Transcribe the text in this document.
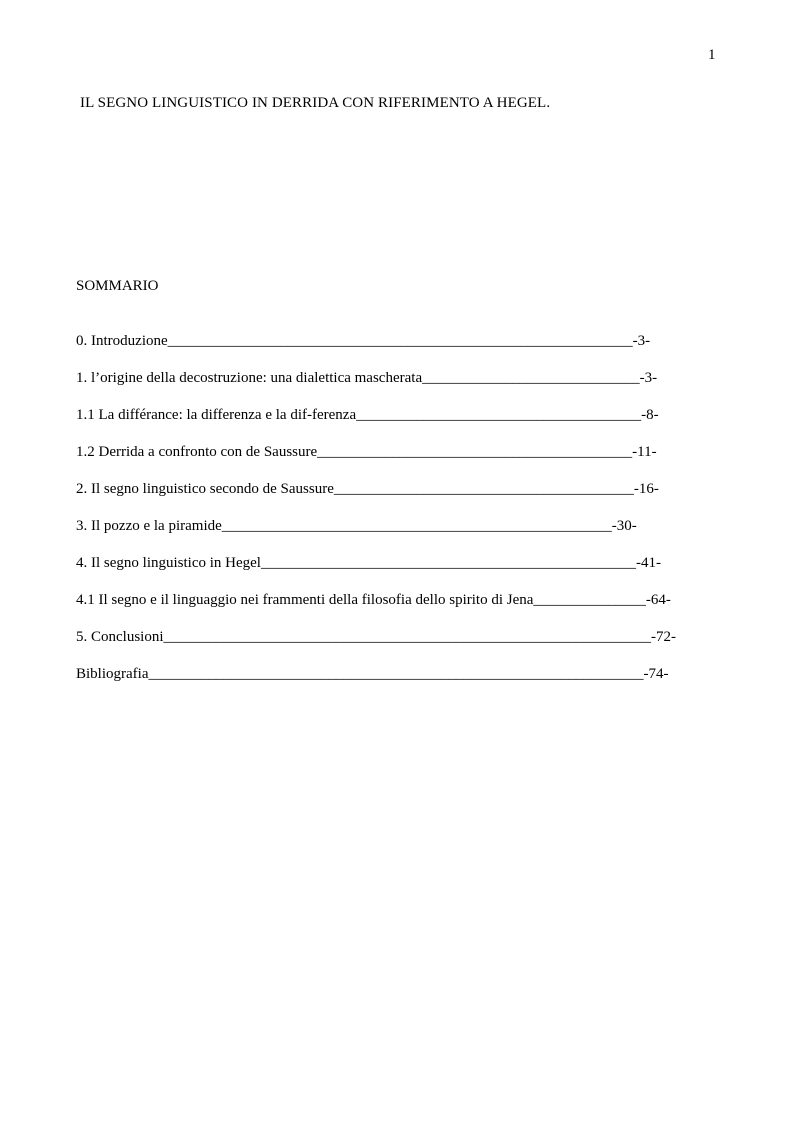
1
IL SEGNO LINGUISTICO IN DERRIDA CON RIFERIMENTO A HEGEL.
SOMMARIO
0. Introduzione______________________________________________________________-3-
1. l’origine della decostruzione: una dialettica mascherata_____________________________-3-
1.1 La différance: la differenza e la dif-ferenza______________________________________-8-
1.2 Derrida a confronto con de Saussure__________________________________________-11-
2. Il segno linguistico secondo de Saussure________________________________________-16-
3. Il pozzo e la piramide____________________________________________________-30-
4. Il segno linguistico in Hegel__________________________________________________-41-
4.1 Il segno e il linguaggio nei frammenti della filosofia dello spirito di Jena_______________-64-
5. Conclusioni_________________________________________________________________-72-
Bibliografia__________________________________________________________________-74-
